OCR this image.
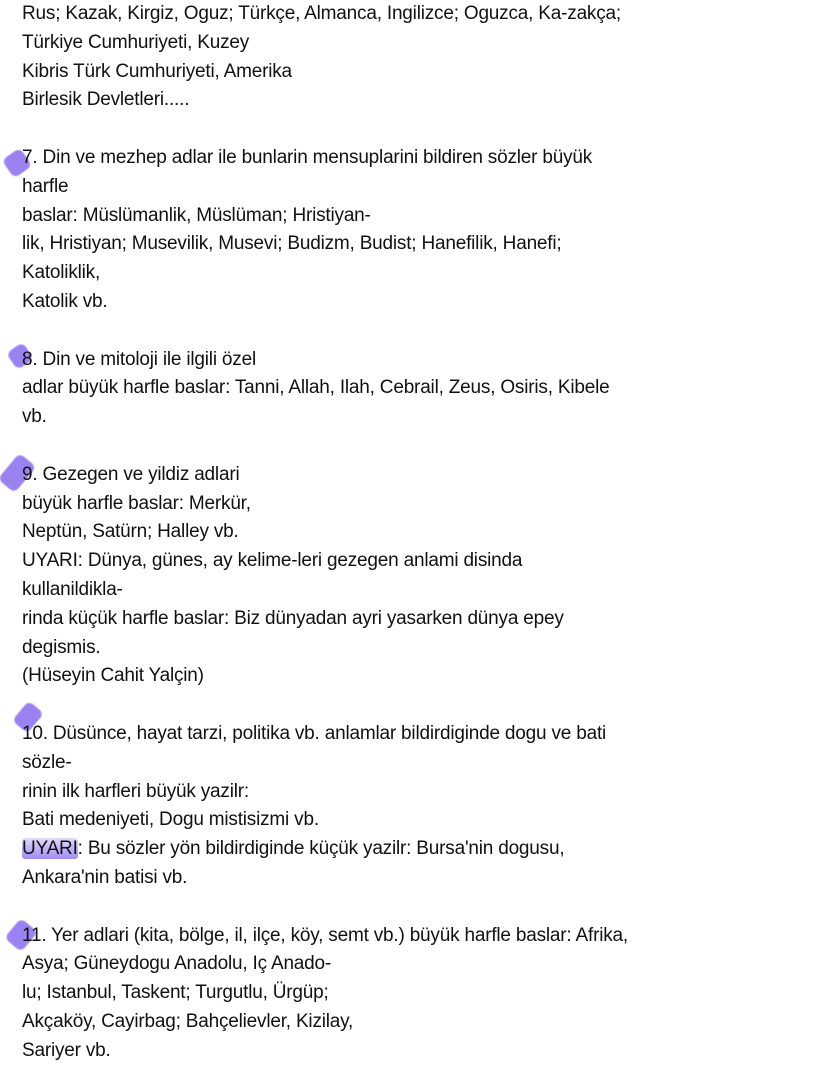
Rus; Kazak, Kirgiz, Oguz; Türkçe, Almanca, Ingilizce; Oguzca, Ka-zakça;
Türkiye Cumhuriyeti, Kuzey
Kibris Türk Cumhuriyeti, Amerika
Birlesik Devletleri.....
7. Din ve mezhep adlar ile bunlarin mensuplarini bildiren sözler büyük
harfle
baslar: Müslümanlik, Müslüman; Hristiyan-
lik, Hristiyan; Musevilik, Musevi; Budizm, Budist; Hanefilik, Hanefi;
Katoliklik,
Katolik vb.
8. Din ve mitoloji ile ilgili özel
adlar büyük harfle baslar: Tanni, Allah, Ilah, Cebrail, Zeus, Osiris, Kibele
vb.
9. Gezegen ve yildiz adlari
büyük harfle baslar: Merkür,
Neptün, Satürn; Halley vb.
UYARI: Dünya, günes, ay kelime-leri gezegen anlami disinda
kullanildikla-
rinda küçük harfle baslar: Biz dünyadan ayri yasarken dünya epey
degismis.
(Hüseyin Cahit Yalçin)
10. Düsünce, hayat tarzi, politika vb. anlamlar bildirdiginde dogu ve bati
sözle-
rinin ilk harfleri büyük yazilr:
Bati medeniyeti, Dogu mistisizmi vb.
UYARI: Bu sözler yön bildirdiginde küçük yazilr: Bursa'nin dogusu,
Ankara'nin batisi vb.
11. Yer adlari (kita, bölge, il, ilçe, köy, semt vb.) büyük harfle baslar: Afrika,
Asya; Güneydogu Anadolu, Iç Anado-
lu; Istanbul, Taskent; Turgutlu, Ürgüp;
Akçaköy, Cayirbag; Bahçelievler, Kizilay,
Sariyer vb.
